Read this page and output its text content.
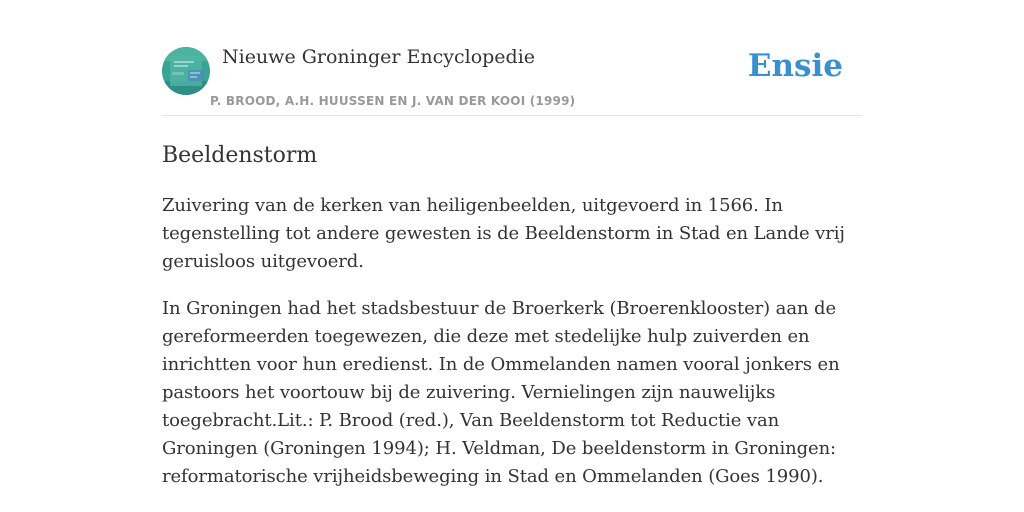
Nieuwe Groninger Encyclopedie
P. BROOD, A.H. HUUSSEN EN J. VAN DER KOOI (1999)
Ensie
Beeldenstorm

Zuivering van de kerken van heiligenbeelden, uitgevoerd in 1566. In tegenstelling tot andere gewesten is de Beeldenstorm in Stad en Lande vrij geruisloos uitgevoerd.

In Groningen had het stadsbestuur de Broerkerk (Broerenklooster) aan de gereformeerden toegewezen, die deze met stedelijke hulp zuiverden en inrichtten voor hun eredienst. In de Ommelanden namen vooral jonkers en pastoors het voortouw bij de zuivering. Vernielingen zijn nauwelijks toegebracht.Lit.: P. Brood (red.), Van Beeldenstorm tot Reductie van Groningen (Groningen 1994); H. Veldman, De beeldenstorm in Groningen: reformatorische vrijheidsbeweging in Stad en Ommelanden (Goes 1990).
